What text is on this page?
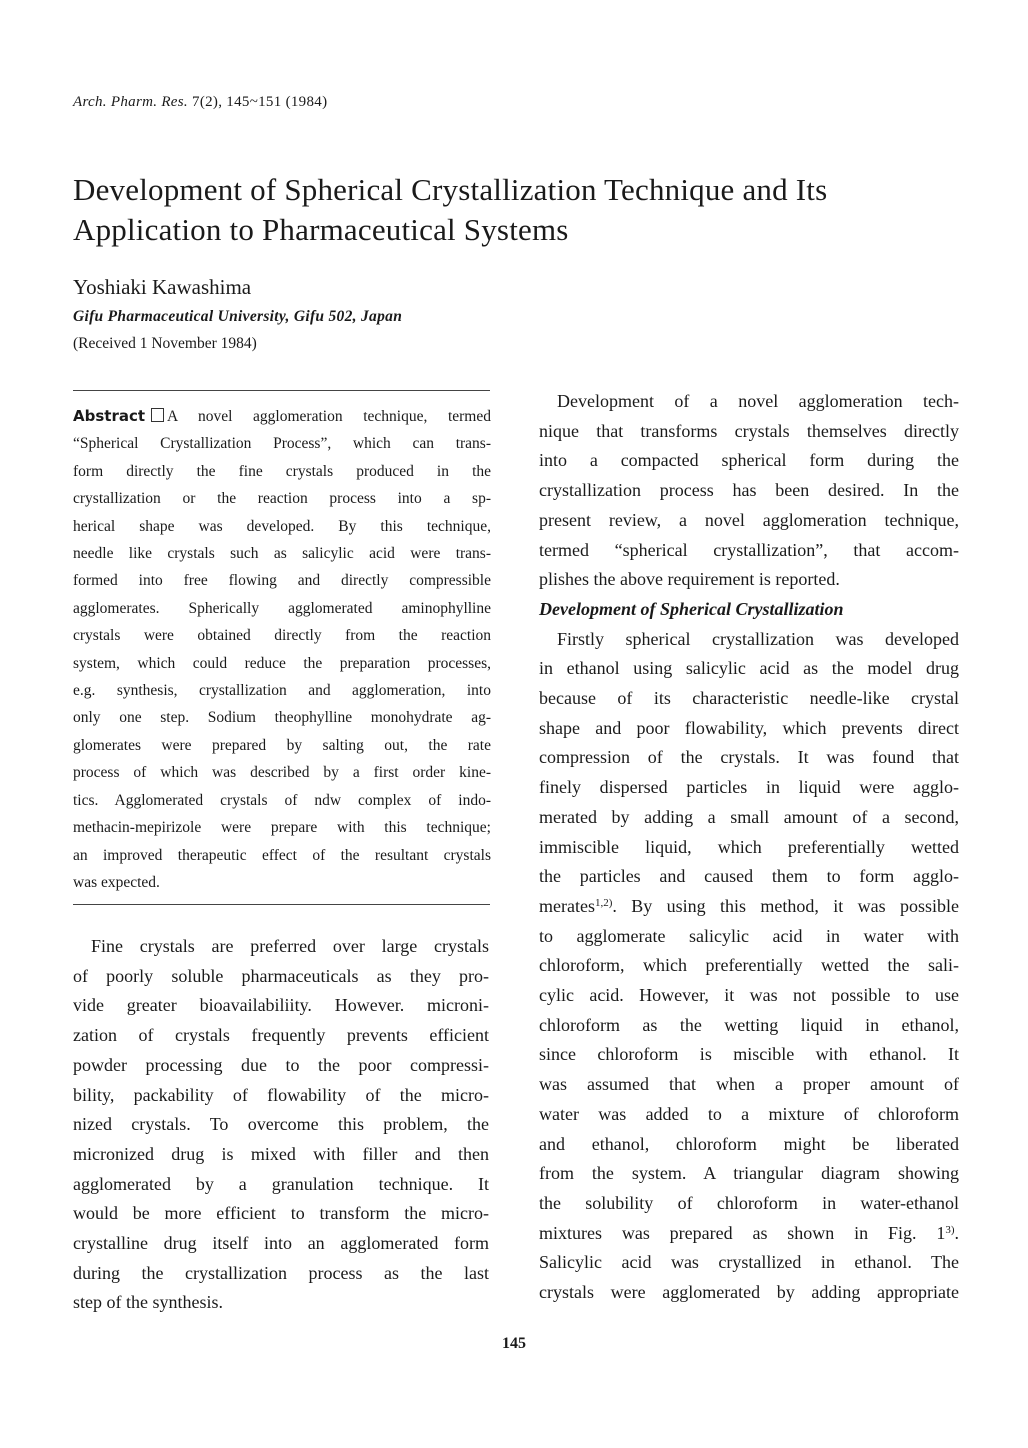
Arch. Pharm. Res. 7(2), 145~151 (1984)
Development of Spherical Crystallization Technique and Its
Application to Pharmaceutical Systems
Yoshiaki Kawashima
Gifu Pharmaceutical University, Gifu 502, Japan
(Received 1 November 1984)
Abstract A novel agglomeration technique, termed
“Spherical Crystallization Process”, which can trans-
form directly the fine crystals produced in the
crystallization or the reaction process into a sp-
herical shape was developed. By this technique,
needle like crystals such as salicylic acid were trans-
formed into free flowing and directly compressible
agglomerates. Spherically agglomerated aminophylline
crystals were obtained directly from the reaction
system, which could reduce the preparation processes,
e.g. synthesis, crystallization and agglomeration, into
only one step. Sodium theophylline monohydrate ag-
glomerates were prepared by salting out, the rate
process of which was described by a first order kine-
tics. Agglomerated crystals of ndw complex of indo-
methacin-mepirizole were prepare with this technique;
an improved therapeutic effect of the resultant crystals
was expected.
Fine crystals are preferred over large crystals
of poorly soluble pharmaceuticals as they pro-
vide greater bioavailabiliity. However. microni-
zation of crystals frequently prevents efficient
powder processing due to the poor compressi-
bility, packability of flowability of the micro-
nized crystals. To overcome this problem, the
micronized drug is mixed with filler and then
agglomerated by a granulation technique. It
would be more efficient to transform the micro-
crystalline drug itself into an agglomerated form
during the crystallization process as the last
step of the synthesis.
Development of a novel agglomeration tech-
nique that transforms crystals themselves directly
into a compacted spherical form during the
crystallization process has been desired. In the
present review, a novel agglomeration technique,
termed “spherical crystallization”, that accom-
plishes the above requirement is reported.
Development of Spherical Crystallization
Firstly spherical crystallization was developed
in ethanol using salicylic acid as the model drug
because of its characteristic needle-like crystal
shape and poor flowability, which prevents direct
compression of the crystals. It was found that
finely dispersed particles in liquid were agglo-
merated by adding a small amount of a second,
immiscible liquid, which preferentially wetted
the particles and caused them to form agglo-
merates$^{1,2)}$. By using this method, it was possible
to agglomerate salicylic acid in water with
chloroform, which preferentially wetted the sali-
cylic acid. However, it was not possible to use
chloroform as the wetting liquid in ethanol,
since chloroform is miscible with ethanol. It
was assumed that when a proper amount of
water was added to a mixture of chloroform
and ethanol, chloroform might be liberated
from the system. A triangular diagram showing
the solubility of chloroform in water-ethanol
mixtures was prepared as shown in Fig. 1$^{3)}$.
Salicylic acid was crystallized in ethanol. The
crystals were agglomerated by adding appropriate
145
